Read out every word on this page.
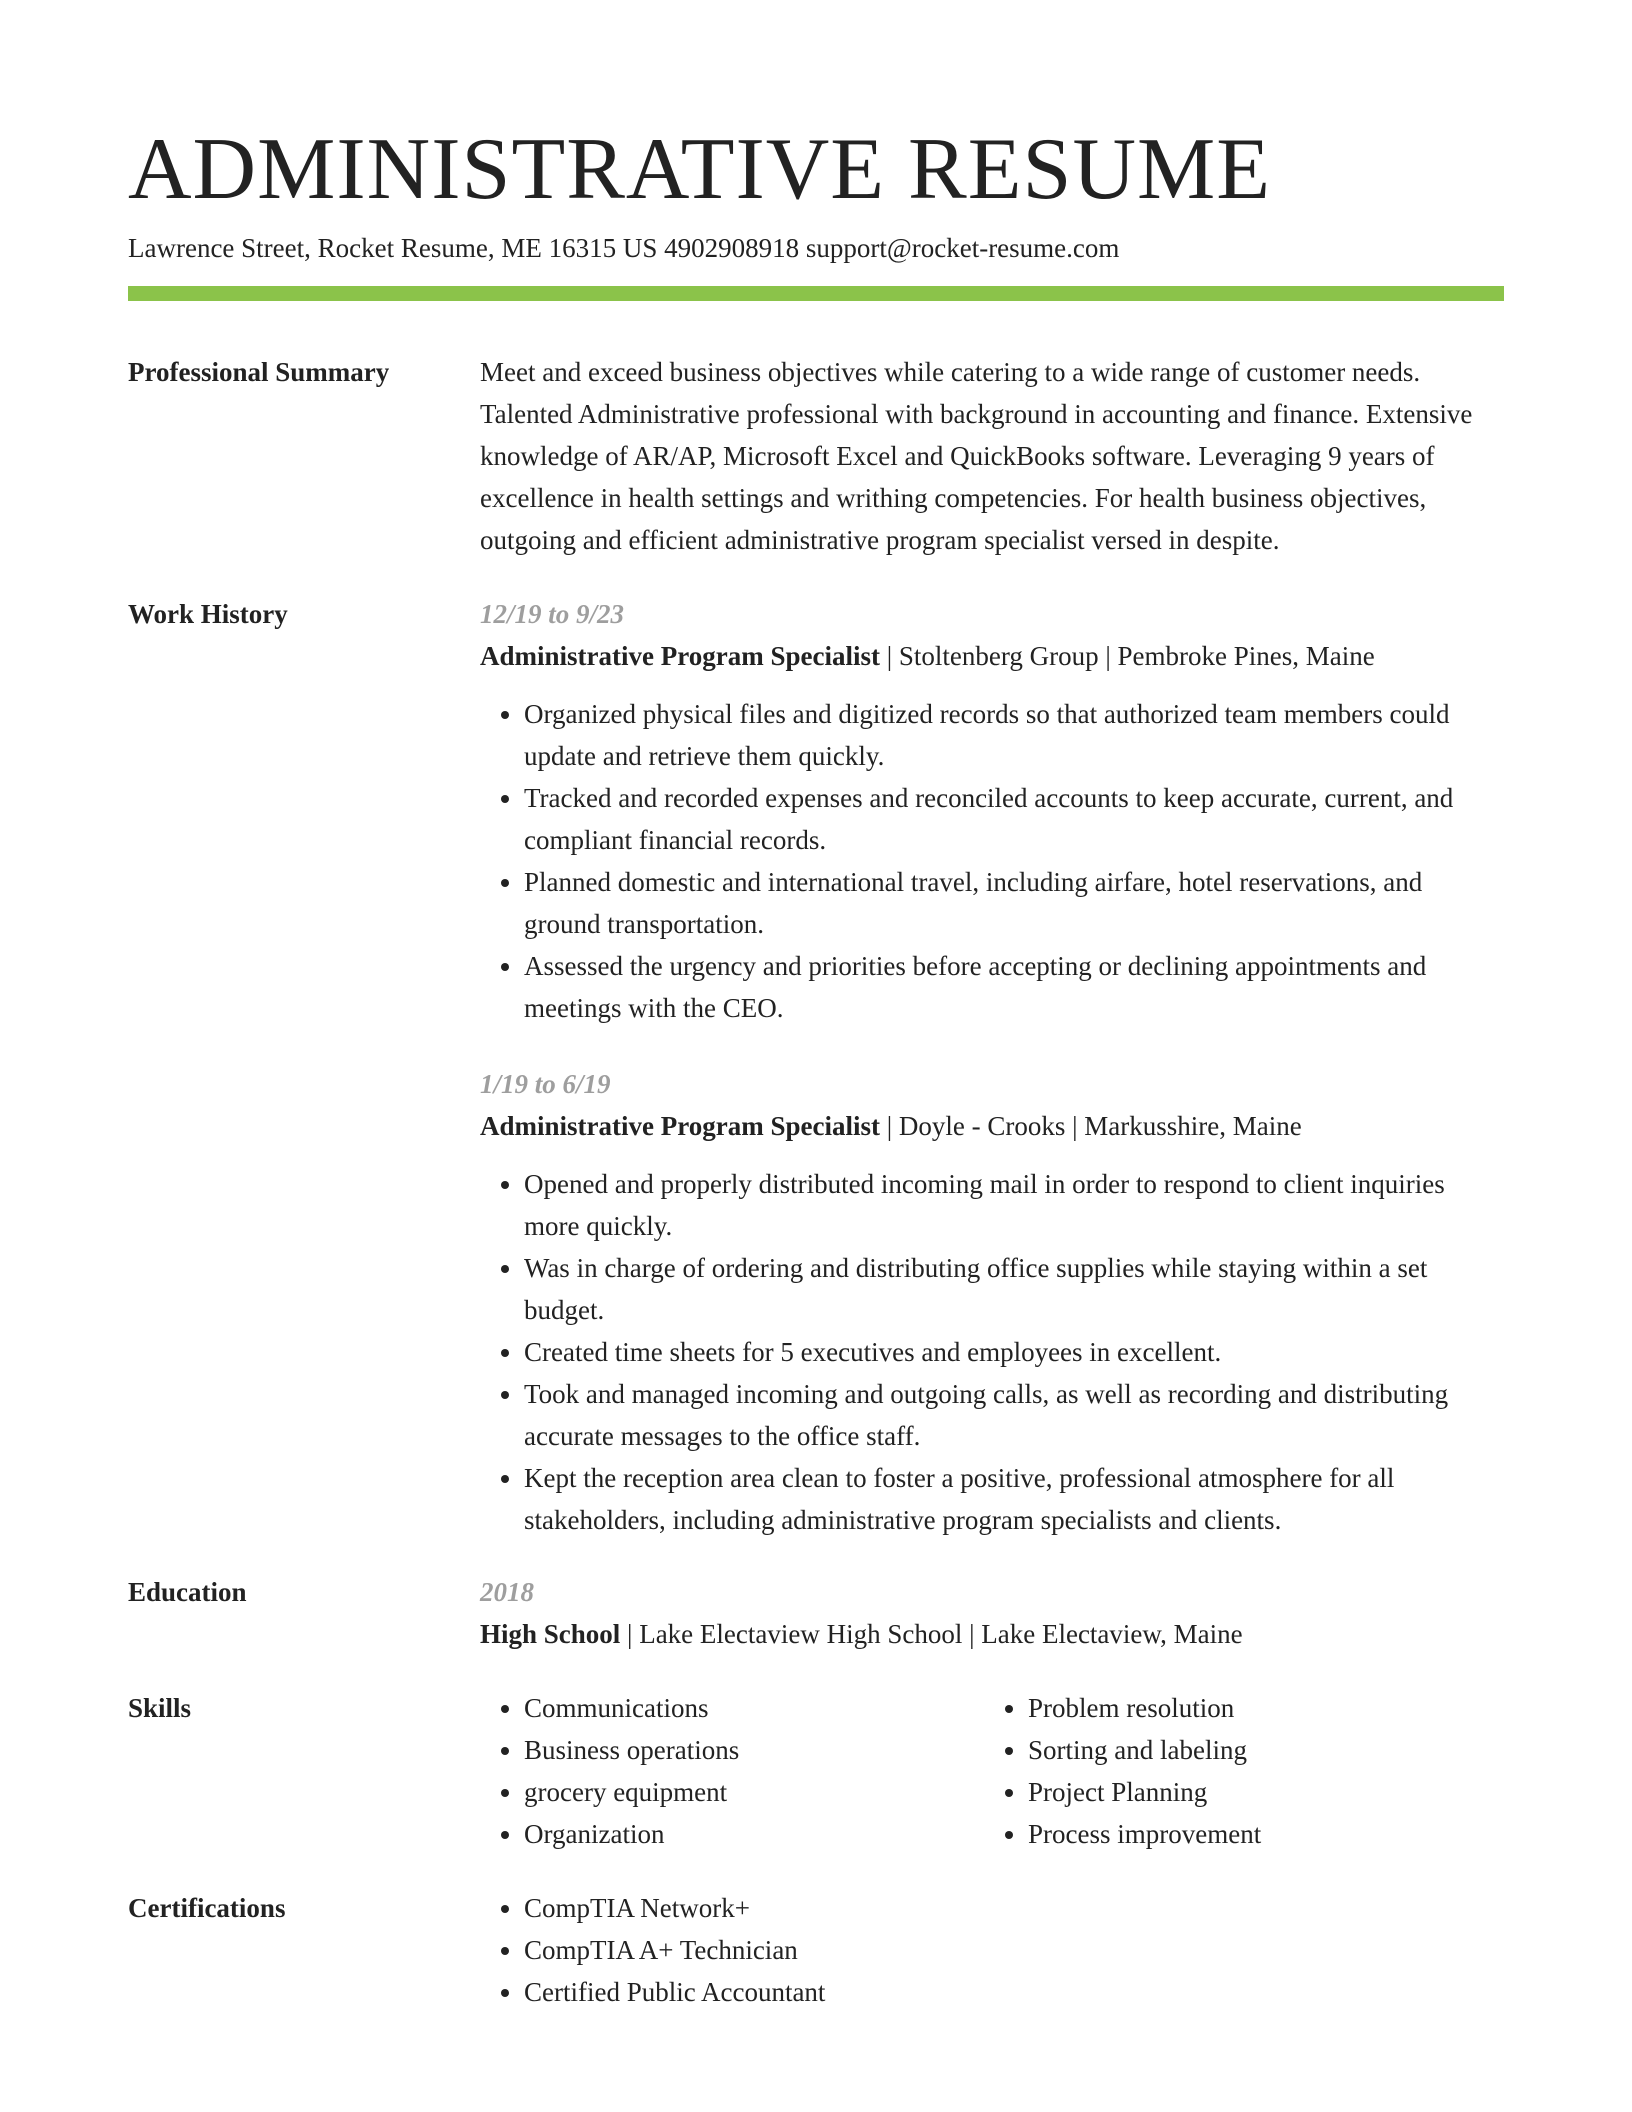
ADMINISTRATIVE RESUME
Lawrence Street, Rocket Resume, ME 16315 US 4902908918 support@rocket-resume.com
Professional Summary	Meet and exceed business objectives while catering to a wide range of customer needs. Talented Administrative professional with background in accounting and finance. Extensive knowledge of AR/AP, Microsoft Excel and QuickBooks software. Leveraging 9 years of excellence in health settings and writhing competencies. For health business objectives, outgoing and efficient administrative program specialist versed in despite.
Work History	12/19 to 9/23
Administrative Program Specialist | Stoltenberg Group | Pembroke Pines, Maine
• Organized physical files and digitized records so that authorized team members could update and retrieve them quickly.
• Tracked and recorded expenses and reconciled accounts to keep accurate, current, and compliant financial records.
• Planned domestic and international travel, including airfare, hotel reservations, and ground transportation.
• Assessed the urgency and priorities before accepting or declining appointments and meetings with the CEO.
1/19 to 6/19
Administrative Program Specialist | Doyle - Crooks | Markusshire, Maine
• Opened and properly distributed incoming mail in order to respond to client inquiries more quickly.
• Was in charge of ordering and distributing office supplies while staying within a set budget.
• Created time sheets for 5 executives and employees in excellent.
• Took and managed incoming and outgoing calls, as well as recording and distributing accurate messages to the office staff.
• Kept the reception area clean to foster a positive, professional atmosphere for all stakeholders, including administrative program specialists and clients.
Education	2018
High School | Lake Electaview High School | Lake Electaview, Maine
Skills	• Communications
• Business operations
• grocery equipment
• Organization
• Problem resolution
• Sorting and labeling
• Project Planning
• Process improvement
Certifications	• CompTIA Network+
• CompTIA A+ Technician
• Certified Public Accountant
